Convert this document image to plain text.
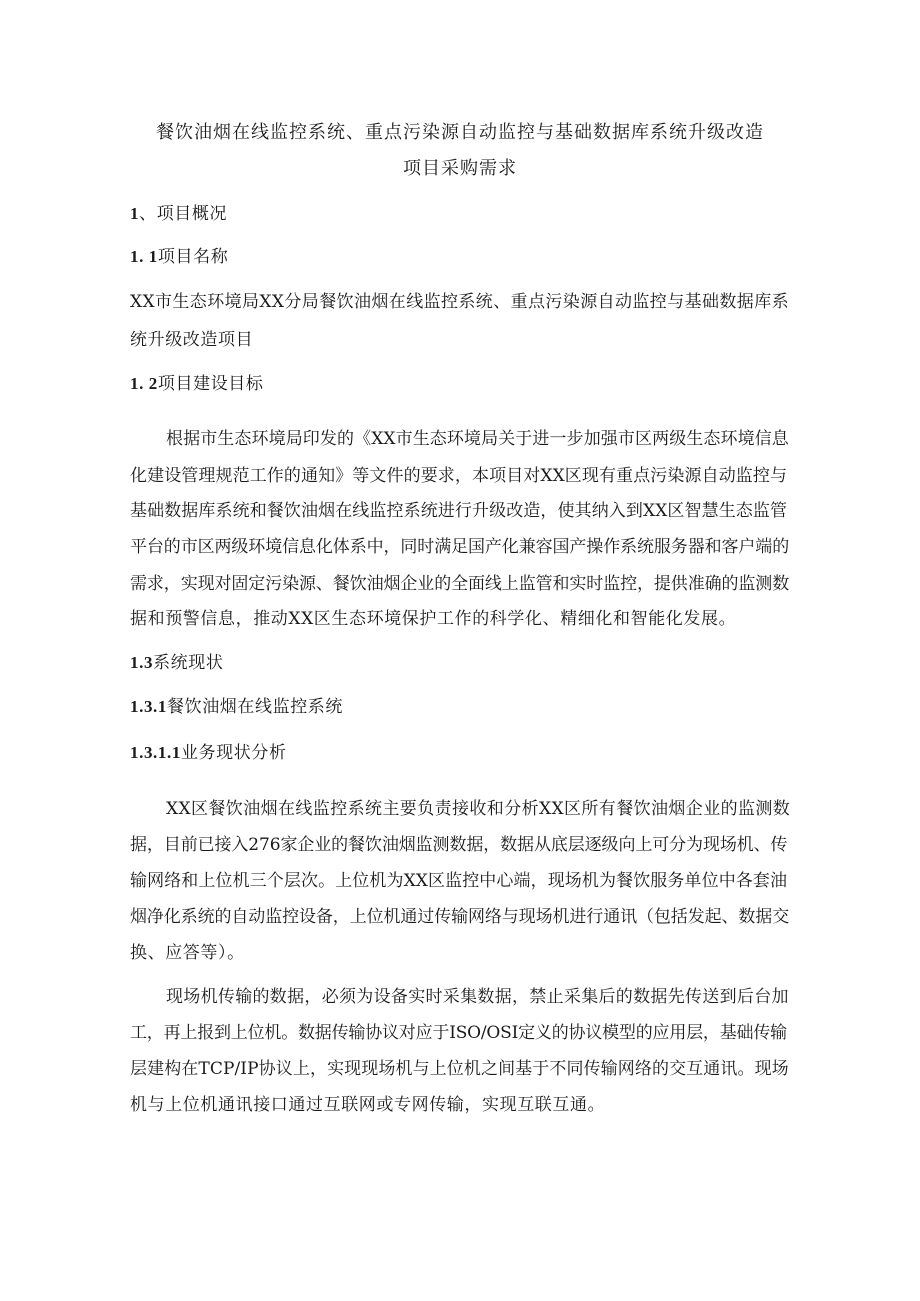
餐饮油烟在线监控系统、重点污染源自动监控与基础数据库系统升级改造
项目采购需求
1、项目概况
1. 1项目名称
XX市生态环境局XX分局餐饮油烟在线监控系统、重点污染源自动监控与基础数据库系
统升级改造项目
1. 2项目建设目标
根据市生态环境局印发的《XX市生态环境局关于进一步加强市区两级生态环境信息
化建设管理规范工作的通知》等文件的要求，本项目对XX区现有重点污染源自动监控与
基础数据库系统和餐饮油烟在线监控系统进行升级改造，使其纳入到XX区智慧生态监管
平台的市区两级环境信息化体系中，同时满足国产化兼容国产操作系统服务器和客户端的
需求，实现对固定污染源、餐饮油烟企业的全面线上监管和实时监控，提供准确的监测数
据和预警信息，推动XX区生态环境保护工作的科学化、精细化和智能化发展。
1.3系统现状
1.3.1餐饮油烟在线监控系统
1.3.1.1业务现状分析
XX区餐饮油烟在线监控系统主要负责接收和分析XX区所有餐饮油烟企业的监测数
据，目前已接入276家企业的餐饮油烟监测数据，数据从底层逐级向上可分为现场机、传
输网络和上位机三个层次。上位机为XX区监控中心端，现场机为餐饮服务单位中各套油
烟净化系统的自动监控设备，上位机通过传输网络与现场机进行通讯（包括发起、数据交
换、应答等）。
现场机传输的数据，必须为设备实时采集数据，禁止采集后的数据先传送到后台加
工，再上报到上位机。数据传输协议对应于ISO/OSI定义的协议模型的应用层，基础传输
层建构在TCP/IP协议上，实现现场机与上位机之间基于不同传输网络的交互通讯。现场
机与上位机通讯接口通过互联网或专网传输，实现互联互通。
